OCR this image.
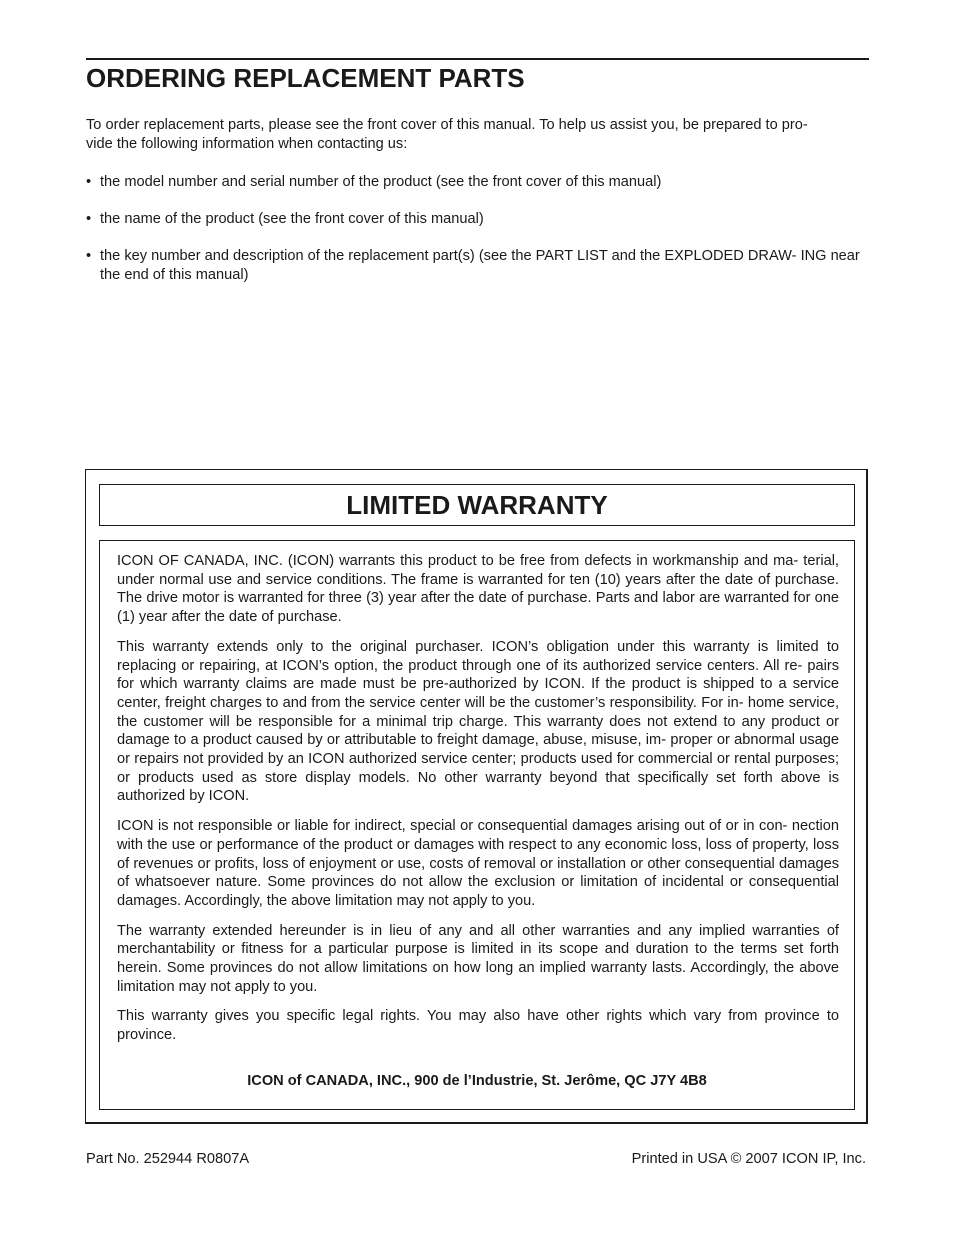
ORDERING REPLACEMENT PARTS

To order replacement parts, please see the front cover of this manual. To help us assist you, be prepared to pro-
vide the following information when contacting us:

• the model number and serial number of the product (see the front cover of this manual)
• the name of the product (see the front cover of this manual)
• the key number and description of the replacement part(s) (see the PART LIST and the EXPLODED DRAW- ING near the end of this manual)
LIMITED WARRANTY

ICON OF CANADA, INC. (ICON) warrants this product to be free from defects in workmanship and ma- terial, under normal use and service conditions. The frame is warranted for ten (10) years after the date of purchase. The drive motor is warranted for three (3) year after the date of purchase. Parts and labor are warranted for one (1) year after the date of purchase.

This warranty extends only to the original purchaser. ICON’s obligation under this warranty is limited to replacing or repairing, at ICON’s option, the product through one of its authorized service centers. All re- pairs for which warranty claims are made must be pre-authorized by ICON. If the product is shipped to a service center, freight charges to and from the service center will be the customer’s responsibility. For in- home service, the customer will be responsible for a minimal trip charge. This warranty does not extend to any product or damage to a product caused by or attributable to freight damage, abuse, misuse, im- proper or abnormal usage or repairs not provided by an ICON authorized service center; products used for commercial or rental purposes; or products used as store display models. No other warranty beyond that specifically set forth above is authorized by ICON.

ICON is not responsible or liable for indirect, special or consequential damages arising out of or in con- nection with the use or performance of the product or damages with respect to any economic loss, loss of property, loss of revenues or profits, loss of enjoyment or use, costs of removal or installation or other consequential damages of whatsoever nature. Some provinces do not allow the exclusion or limitation of incidental or consequential damages. Accordingly, the above limitation may not apply to you.

The warranty extended hereunder is in lieu of any and all other warranties and any implied warranties of merchantability or fitness for a particular purpose is limited in its scope and duration to the terms set forth herein. Some provinces do not allow limitations on how long an implied warranty lasts. Accordingly, the above limitation may not apply to you.

This warranty gives you specific legal rights. You may also have other rights which vary from province to province.

ICON of CANADA, INC., 900 de l’Industrie, St. Jerôme, QC J7Y 4B8

Part No. 252944 R0807A	Printed in USA © 2007 ICON IP, Inc.
